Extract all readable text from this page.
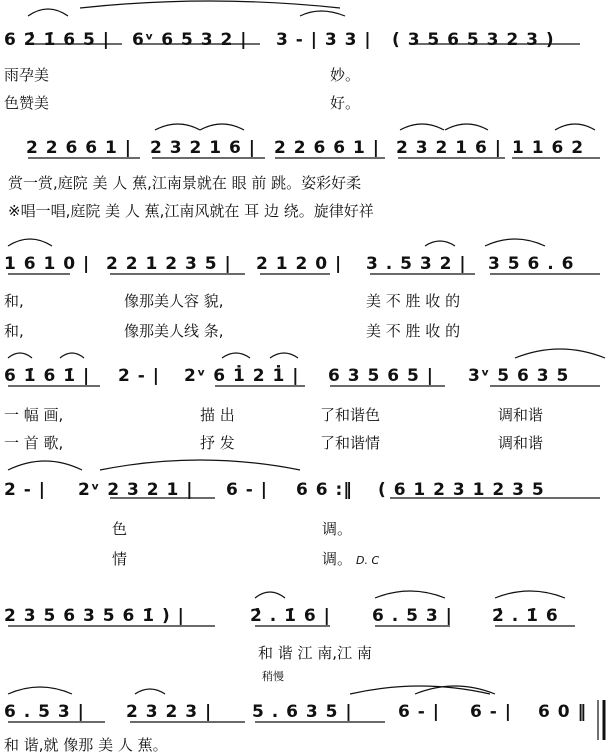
6 2̇ 1̇ 6 5 | 6ᵛ 6 5 3 2 | 3 - | 3 3 | ( 3 5 6 5 3 2 3 )
雨孕美	妙。
色赞美	好。
2 2 6 6 1 | 2 3 2 1 6 | 2 2 6 6 1 | 2 3 2 1 6 | 1 1 6 2
赏一赏,庭院 美 人 蕉,江南景就在 眼 前 跳。姿彩好柔
※唱一唱,庭院 美 人 蕉,江南风就在 耳 边 绕。旋律好祥
1 6 1 0 | 2 2 1 2 3 5 | 2 1 2 0 | 3 . 5 3 2 | 3 5 6 . 6
和,	像那美人容 貌,	美 不 胜 收 的
和,	像那美人线 条,	美 不 胜 收 的
6 1̇ 6 1̇ | 2 - | 2ᵛ 6 1̇ 2 1̇ | 6 3 5 6 5 | 3ᵛ 5 6 3 5
一 幅 画,	描 出	了和谐色	调和谐
一 首 歌,	抒 发	了和谐情	调和谐
2 - | 2ᵛ 2 3 2 1 | 6 - | 6 6 :‖ ( 6 1 2 3 1 2 3 5
色	调。
情	调。 D. C
2 3 5 6 3 5 6 1̇ ) |	2̇ . 1̇ 6 | 6 . 5 3 | 2̇ . 1̇ 6
和 谐 江 南,江 南
稍慢
6 . 5 3 | 2 3 2 3 | 5 . 6 3 5 |	6 - | 6 - | 6 0 ‖
和 谐,就 像那 美 人 蕉。
